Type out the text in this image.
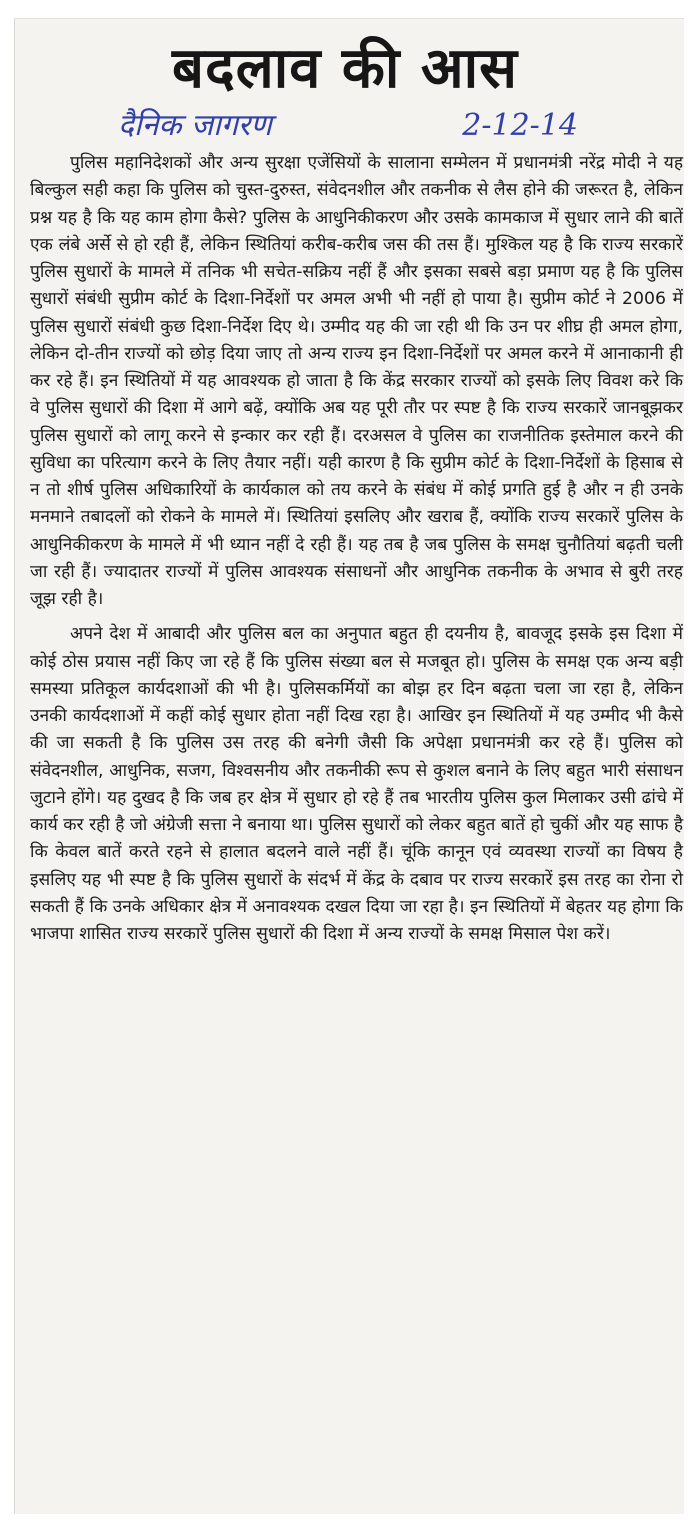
बदलाव की आस
दैनिक जागरण	2-12-14

पुलिस महानिदेशकों और अन्य सुरक्षा एजेंसियों के सालाना सम्मेलन में प्रधानमंत्री नरेंद्र मोदी ने यह बिल्कुल सही कहा कि पुलिस को चुस्त-दुरुस्त, संवेदनशील और तकनीक से लैस होने की जरूरत है, लेकिन प्रश्न यह है कि यह काम होगा कैसे? पुलिस के आधुनिकीकरण और उसके कामकाज में सुधार लाने की बातें एक लंबे अर्से से हो रही हैं, लेकिन स्थितियां करीब-करीब जस की तस हैं। मुश्किल यह है कि राज्य सरकारें पुलिस सुधारों के मामले में तनिक भी सचेत-सक्रिय नहीं हैं और इसका सबसे बड़ा प्रमाण यह है कि पुलिस सुधारों संबंधी सुप्रीम कोर्ट के दिशा-निर्देशों पर अमल अभी भी नहीं हो पाया है। सुप्रीम कोर्ट ने 2006 में पुलिस सुधारों संबंधी कुछ दिशा-निर्देश दिए थे। उम्मीद यह की जा रही थी कि उन पर शीघ्र ही अमल होगा, लेकिन दो-तीन राज्यों को छोड़ दिया जाए तो अन्य राज्य इन दिशा-निर्देशों पर अमल करने में आनाकानी ही कर रहे हैं। इन स्थितियों में यह आवश्यक हो जाता है कि केंद्र सरकार राज्यों को इसके लिए विवश करे कि वे पुलिस सुधारों की दिशा में आगे बढ़ें, क्योंकि अब यह पूरी तौर पर स्पष्ट है कि राज्य सरकारें जानबूझकर पुलिस सुधारों को लागू करने से इन्कार कर रही हैं। दरअसल वे पुलिस का राजनीतिक इस्तेमाल करने की सुविधा का परित्याग करने के लिए तैयार नहीं। यही कारण है कि सुप्रीम कोर्ट के दिशा-निर्देशों के हिसाब से न तो शीर्ष पुलिस अधिकारियों के कार्यकाल को तय करने के संबंध में कोई प्रगति हुई है और न ही उनके मनमाने तबादलों को रोकने के मामले में। स्थितियां इसलिए और खराब हैं, क्योंकि राज्य सरकारें पुलिस के आधुनिकीकरण के मामले में भी ध्यान नहीं दे रही हैं। यह तब है जब पुलिस के समक्ष चुनौतियां बढ़ती चली जा रही हैं। ज्यादातर राज्यों में पुलिस आवश्यक संसाधनों और आधुनिक तकनीक के अभाव से बुरी तरह जूझ रही है।

अपने देश में आबादी और पुलिस बल का अनुपात बहुत ही दयनीय है, बावजूद इसके इस दिशा में कोई ठोस प्रयास नहीं किए जा रहे हैं कि पुलिस संख्या बल से मजबूत हो। पुलिस के समक्ष एक अन्य बड़ी समस्या प्रतिकूल कार्यदशाओं की भी है। पुलिसकर्मियों का बोझ हर दिन बढ़ता चला जा रहा है, लेकिन उनकी कार्यदशाओं में कहीं कोई सुधार होता नहीं दिख रहा है। आखिर इन स्थितियों में यह उम्मीद भी कैसे की जा सकती है कि पुलिस उस तरह की बनेगी जैसी कि अपेक्षा प्रधानमंत्री कर रहे हैं। पुलिस को संवेदनशील, आधुनिक, सजग, विश्वसनीय और तकनीकी रूप से कुशल बनाने के लिए बहुत भारी संसाधन जुटाने होंगे। यह दुखद है कि जब हर क्षेत्र में सुधार हो रहे हैं तब भारतीय पुलिस कुल मिलाकर उसी ढांचे में कार्य कर रही है जो अंग्रेजी सत्ता ने बनाया था। पुलिस सुधारों को लेकर बहुत बातें हो चुकीं और यह साफ है कि केवल बातें करते रहने से हालात बदलने वाले नहीं हैं। चूंकि कानून एवं व्यवस्था राज्यों का विषय है इसलिए यह भी स्पष्ट है कि पुलिस सुधारों के संदर्भ में केंद्र के दबाव पर राज्य सरकारें इस तरह का रोना रो सकती हैं कि उनके अधिकार क्षेत्र में अनावश्यक दखल दिया जा रहा है। इन स्थितियों में बेहतर यह होगा कि भाजपा शासित राज्य सरकारें पुलिस सुधारों की दिशा में अन्य राज्यों के समक्ष मिसाल पेश करें।
